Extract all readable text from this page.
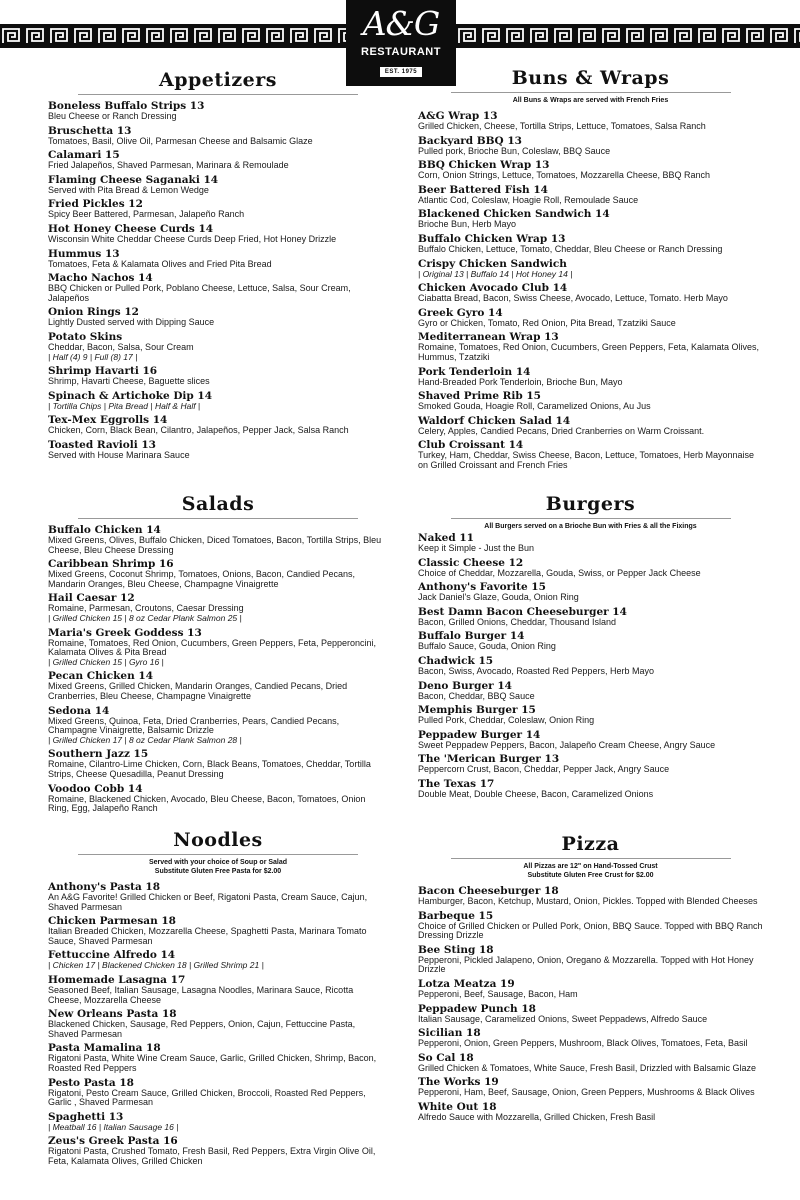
A&G
RESTAURANT
EST. 1975
Appetizers
Boneless Buffalo Strips 13
Bleu Cheese or Ranch Dressing
Bruschetta 13
Tomatoes, Basil, Olive Oil, Parmesan Cheese and Balsamic Glaze
Calamari 15
Fried Jalapeños, Shaved Parmesan, Marinara & Remoulade
Flaming Cheese Saganaki 14
Served with Pita Bread & Lemon Wedge
Fried Pickles 12
Spicy Beer Battered, Parmesan, Jalapeño Ranch
Hot Honey Cheese Curds 14
Wisconsin White Cheddar Cheese Curds Deep Fried, Hot Honey Drizzle
Hummus 13
Tomatoes, Feta & Kalamata Olives and Fried Pita Bread
Macho Nachos 14
BBQ Chicken or Pulled Pork, Poblano Cheese, Lettuce, Salsa, Sour Cream, Jalapeños
Onion Rings 12
Lightly Dusted served with Dipping Sauce
Potato Skins
Cheddar, Bacon, Salsa, Sour Cream
| Half (4) 9 | Full (8) 17 |
Shrimp Havarti 16
Shrimp, Havarti Cheese, Baguette slices
Spinach & Artichoke Dip 14
| Tortilla Chips | Pita Bread | Half & Half |
Tex-Mex Eggrolls 14
Chicken, Corn, Black Bean, Cilantro, Jalapeños, Pepper Jack, Salsa Ranch
Toasted Ravioli 13
Served with House Marinara Sauce
Salads
Buffalo Chicken 14
Mixed Greens, Olives, Buffalo Chicken, Diced Tomatoes, Bacon, Tortilla Strips, Bleu Cheese, Bleu Cheese Dressing
Caribbean Shrimp 16
Mixed Greens, Coconut Shrimp, Tomatoes, Onions, Bacon, Candied Pecans, Mandarin Oranges, Bleu Cheese, Champagne Vinaigrette
Hail Caesar 12
Romaine, Parmesan, Croutons, Caesar Dressing
| Grilled Chicken 15 | 8 oz Cedar Plank Salmon 25 |
Maria's Greek Goddess 13
Romaine, Tomatoes, Red Onion, Cucumbers, Green Peppers, Feta, Pepperoncini, Kalamata Olives & Pita Bread
| Grilled Chicken 15 | Gyro 16 |
Pecan Chicken 14
Mixed Greens, Grilled Chicken, Mandarin Oranges, Candied Pecans, Dried Cranberries, Bleu Cheese, Champagne Vinaigrette
Sedona 14
Mixed Greens, Quinoa, Feta, Dried Cranberries, Pears, Candied Pecans, Champagne Vinaigrette, Balsamic Drizzle
| Grilled Chicken 17 | 8 oz Cedar Plank Salmon 28 |
Southern Jazz 15
Romaine, Cilantro-Lime Chicken, Corn, Black Beans, Tomatoes, Cheddar, Tortilla Strips, Cheese Quesadilla, Peanut Dressing
Voodoo Cobb 14
Romaine, Blackened Chicken, Avocado, Bleu Cheese, Bacon, Tomatoes, Onion Ring, Egg, Jalapeño Ranch
Noodles
Served with your choice of Soup or Salad
Substitute Gluten Free Pasta for $2.00
Anthony's Pasta 18
An A&G Favorite! Grilled Chicken or Beef, Rigatoni Pasta, Cream Sauce, Cajun, Shaved Parmesan
Chicken Parmesan 18
Italian Breaded Chicken, Mozzarella Cheese, Spaghetti Pasta, Marinara Tomato Sauce, Shaved Parmesan
Fettuccine Alfredo 14
| Chicken 17 | Blackened Chicken 18 | Grilled Shrimp 21 |
Homemade Lasagna 17
Seasoned Beef, Italian Sausage, Lasagna Noodles, Marinara Sauce, Ricotta Cheese, Mozzarella Cheese
New Orleans Pasta 18
Blackened Chicken, Sausage, Red Peppers, Onion, Cajun, Fettuccine Pasta, Shaved Parmesan
Pasta Mamalina 18
Rigatoni Pasta, White Wine Cream Sauce, Garlic, Grilled Chicken, Shrimp, Bacon, Roasted Red Peppers
Pesto Pasta 18
Rigatoni, Pesto Cream Sauce, Grilled Chicken, Broccoli, Roasted Red Peppers, Garlic , Shaved Parmesan
Spaghetti 13
| Meatball 16 | Italian Sausage 16 |
Zeus's Greek Pasta 16
Rigatoni Pasta, Crushed Tomato, Fresh Basil, Red Peppers, Extra Virgin Olive Oil, Feta, Kalamata Olives, Grilled Chicken
Buns & Wraps
All Buns & Wraps are served with French Fries
A&G Wrap 13
Grilled Chicken, Cheese, Tortilla Strips, Lettuce, Tomatoes, Salsa Ranch
Backyard BBQ 13
Pulled pork, Brioche Bun, Coleslaw, BBQ Sauce
BBQ Chicken Wrap 13
Corn, Onion Strings, Lettuce, Tomatoes, Mozzarella Cheese, BBQ Ranch
Beer Battered Fish 14
Atlantic Cod, Coleslaw, Hoagie Roll, Remoulade Sauce
Blackened Chicken Sandwich 14
Brioche Bun, Herb Mayo
Buffalo Chicken Wrap 13
Buffalo Chicken, Lettuce, Tomato, Cheddar, Bleu Cheese or Ranch Dressing
Crispy Chicken Sandwich
| Original 13 | Buffalo 14 | Hot Honey 14 |
Chicken Avocado Club 14
Ciabatta Bread, Bacon, Swiss Cheese, Avocado, Lettuce, Tomato. Herb Mayo
Greek Gyro 14
Gyro or Chicken, Tomato, Red Onion, Pita Bread, Tzatziki Sauce
Mediterranean Wrap 13
Romaine, Tomatoes, Red Onion, Cucumbers, Green Peppers, Feta, Kalamata Olives, Hummus, Tzatziki
Pork Tenderloin 14
Hand-Breaded Pork Tenderloin, Brioche Bun, Mayo
Shaved Prime Rib 15
Smoked Gouda, Hoagie Roll, Caramelized Onions, Au Jus
Waldorf Chicken Salad 14
Celery, Apples, Candied Pecans, Dried Cranberries on Warm Croissant.
Club Croissant 14
Turkey, Ham, Cheddar, Swiss Cheese, Bacon, Lettuce, Tomatoes, Herb Mayonnaise on Grilled Croissant and French Fries
Burgers
All Burgers served on a Brioche Bun with Fries & all the Fixings
Naked 11
Keep it Simple - Just the Bun
Classic Cheese 12
Choice of Cheddar, Mozzarella, Gouda, Swiss, or Pepper Jack Cheese
Anthony's Favorite 15
Jack Daniel's Glaze, Gouda, Onion Ring
Best Damn Bacon Cheeseburger 14
Bacon, Grilled Onions, Cheddar, Thousand Island
Buffalo Burger 14
Buffalo Sauce, Gouda, Onion Ring
Chadwick 15
Bacon, Swiss, Avocado, Roasted Red Peppers, Herb Mayo
Deno Burger 14
Bacon, Cheddar, BBQ Sauce
Memphis Burger 15
Pulled Pork, Cheddar, Coleslaw, Onion Ring
Peppadew Burger 14
Sweet Peppadew Peppers, Bacon, Jalapeño Cream Cheese, Angry Sauce
The 'Merican Burger 13
Peppercorn Crust, Bacon, Cheddar, Pepper Jack, Angry Sauce
The Texas 17
Double Meat, Double Cheese, Bacon, Caramelized Onions
Pizza
All Pizzas are 12" on Hand-Tossed Crust
Substitute Gluten Free Crust for $2.00
Bacon Cheeseburger 18
Hamburger, Bacon, Ketchup, Mustard, Onion, Pickles. Topped with Blended Cheeses
Barbeque 15
Choice of Grilled Chicken or Pulled Pork, Onion, BBQ Sauce. Topped with BBQ Ranch Dressing Drizzle
Bee Sting 18
Pepperoni, Pickled Jalapeno, Onion, Oregano & Mozzarella. Topped with Hot Honey Drizzle
Lotza Meatza 19
Pepperoni, Beef, Sausage, Bacon, Ham
Peppadew Punch 18
Italian Sausage, Caramelized Onions, Sweet Peppadews, Alfredo Sauce
Sicilian 18
Pepperoni, Onion, Green Peppers, Mushroom, Black Olives, Tomatoes, Feta, Basil
So Cal 18
Grilled Chicken & Tomatoes, White Sauce, Fresh Basil, Drizzled with Balsamic Glaze
The Works 19
Pepperoni, Ham, Beef, Sausage, Onion, Green Peppers, Mushrooms & Black Olives
White Out 18
Alfredo Sauce with Mozzarella, Grilled Chicken, Fresh Basil
